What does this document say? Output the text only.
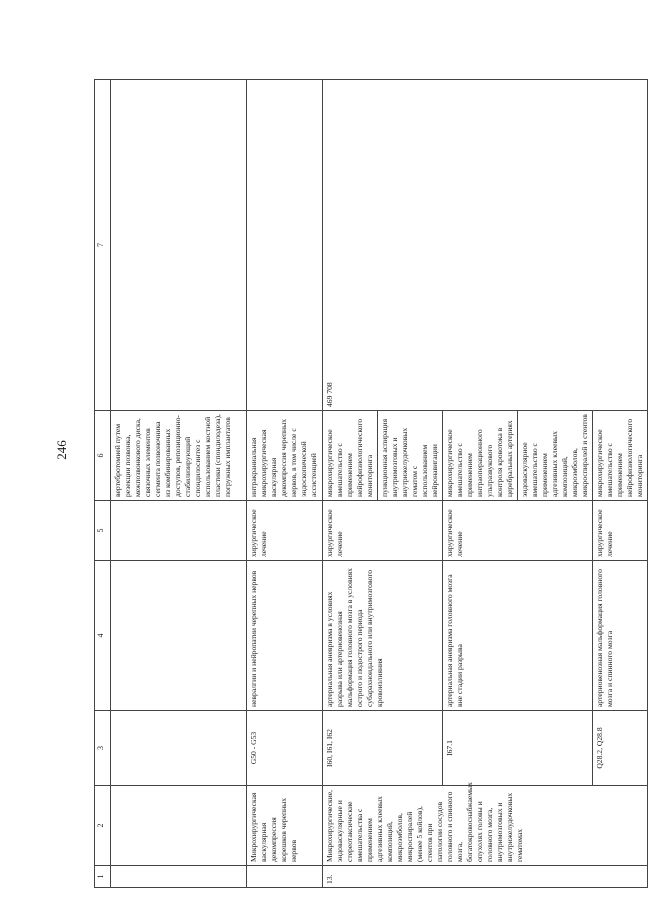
246
1	2	3	4	5	6	7
					вертебротомией путем резекции позвонка, межпозвонкового диска, связочных элементов сегмента позвоночника из комбинированных доступов, репозиционно-стабилизирующий спондилосинтез с использованием костной пластики (спондилодеза), погружных имплантатов	
	Микрохирургическая васкулярная декомпрессия корешков черепных нервов	G50 - G53	невралгии и нейропатии черепных нервов	хирургическое лечение	интракраниальная микрохирургическая васкулярная декомпрессия черепных нервов, в том числе с эндоскопической ассистенцией	
13.	Микрохирургические, эндоваскулярные и стереотаксические вмешательства с применением адгезивных клеевых композиций, микроэмболов, микроспиралей (менее 5 койлов), стентов при патологии сосудов головного и спинного мозга, богатокровоснабжаемых опухолях головы и головного мозга, внутримозговых и внутрижелудочковых гематомах	I60, I61, I62	артериальная аневризма в условиях разрыва или артериовенозная мальформация головного мозга в условиях острого и подострого периода субарахноидального или внутримозгового кровоизлияния	хирургическое лечение	микрохирургическое вмешательство с применением нейрофизиологического мониторинга пункционная аспирация внутримозговых и внутрижелудочковых гематом с использованием нейронавигации	469 708
		I67.1	артериальная аневризма головного мозга вне стадии разрыва	хирургическое лечение	микрохирургическое вмешательство с применением интраоперационного ультразвукового контроля кровотока в церебральных артериях эндоваскулярное вмешательство с применением адгезивных клеевых композиций, микроэмболов, микроспиралей и стентов	

		Q28.2, Q28.8	артериовенозная мальформация головного мозга и спинного мозга	хирургическое лечение	микрохирургическое вмешательство с применением нейрофизиологического мониторинга	
